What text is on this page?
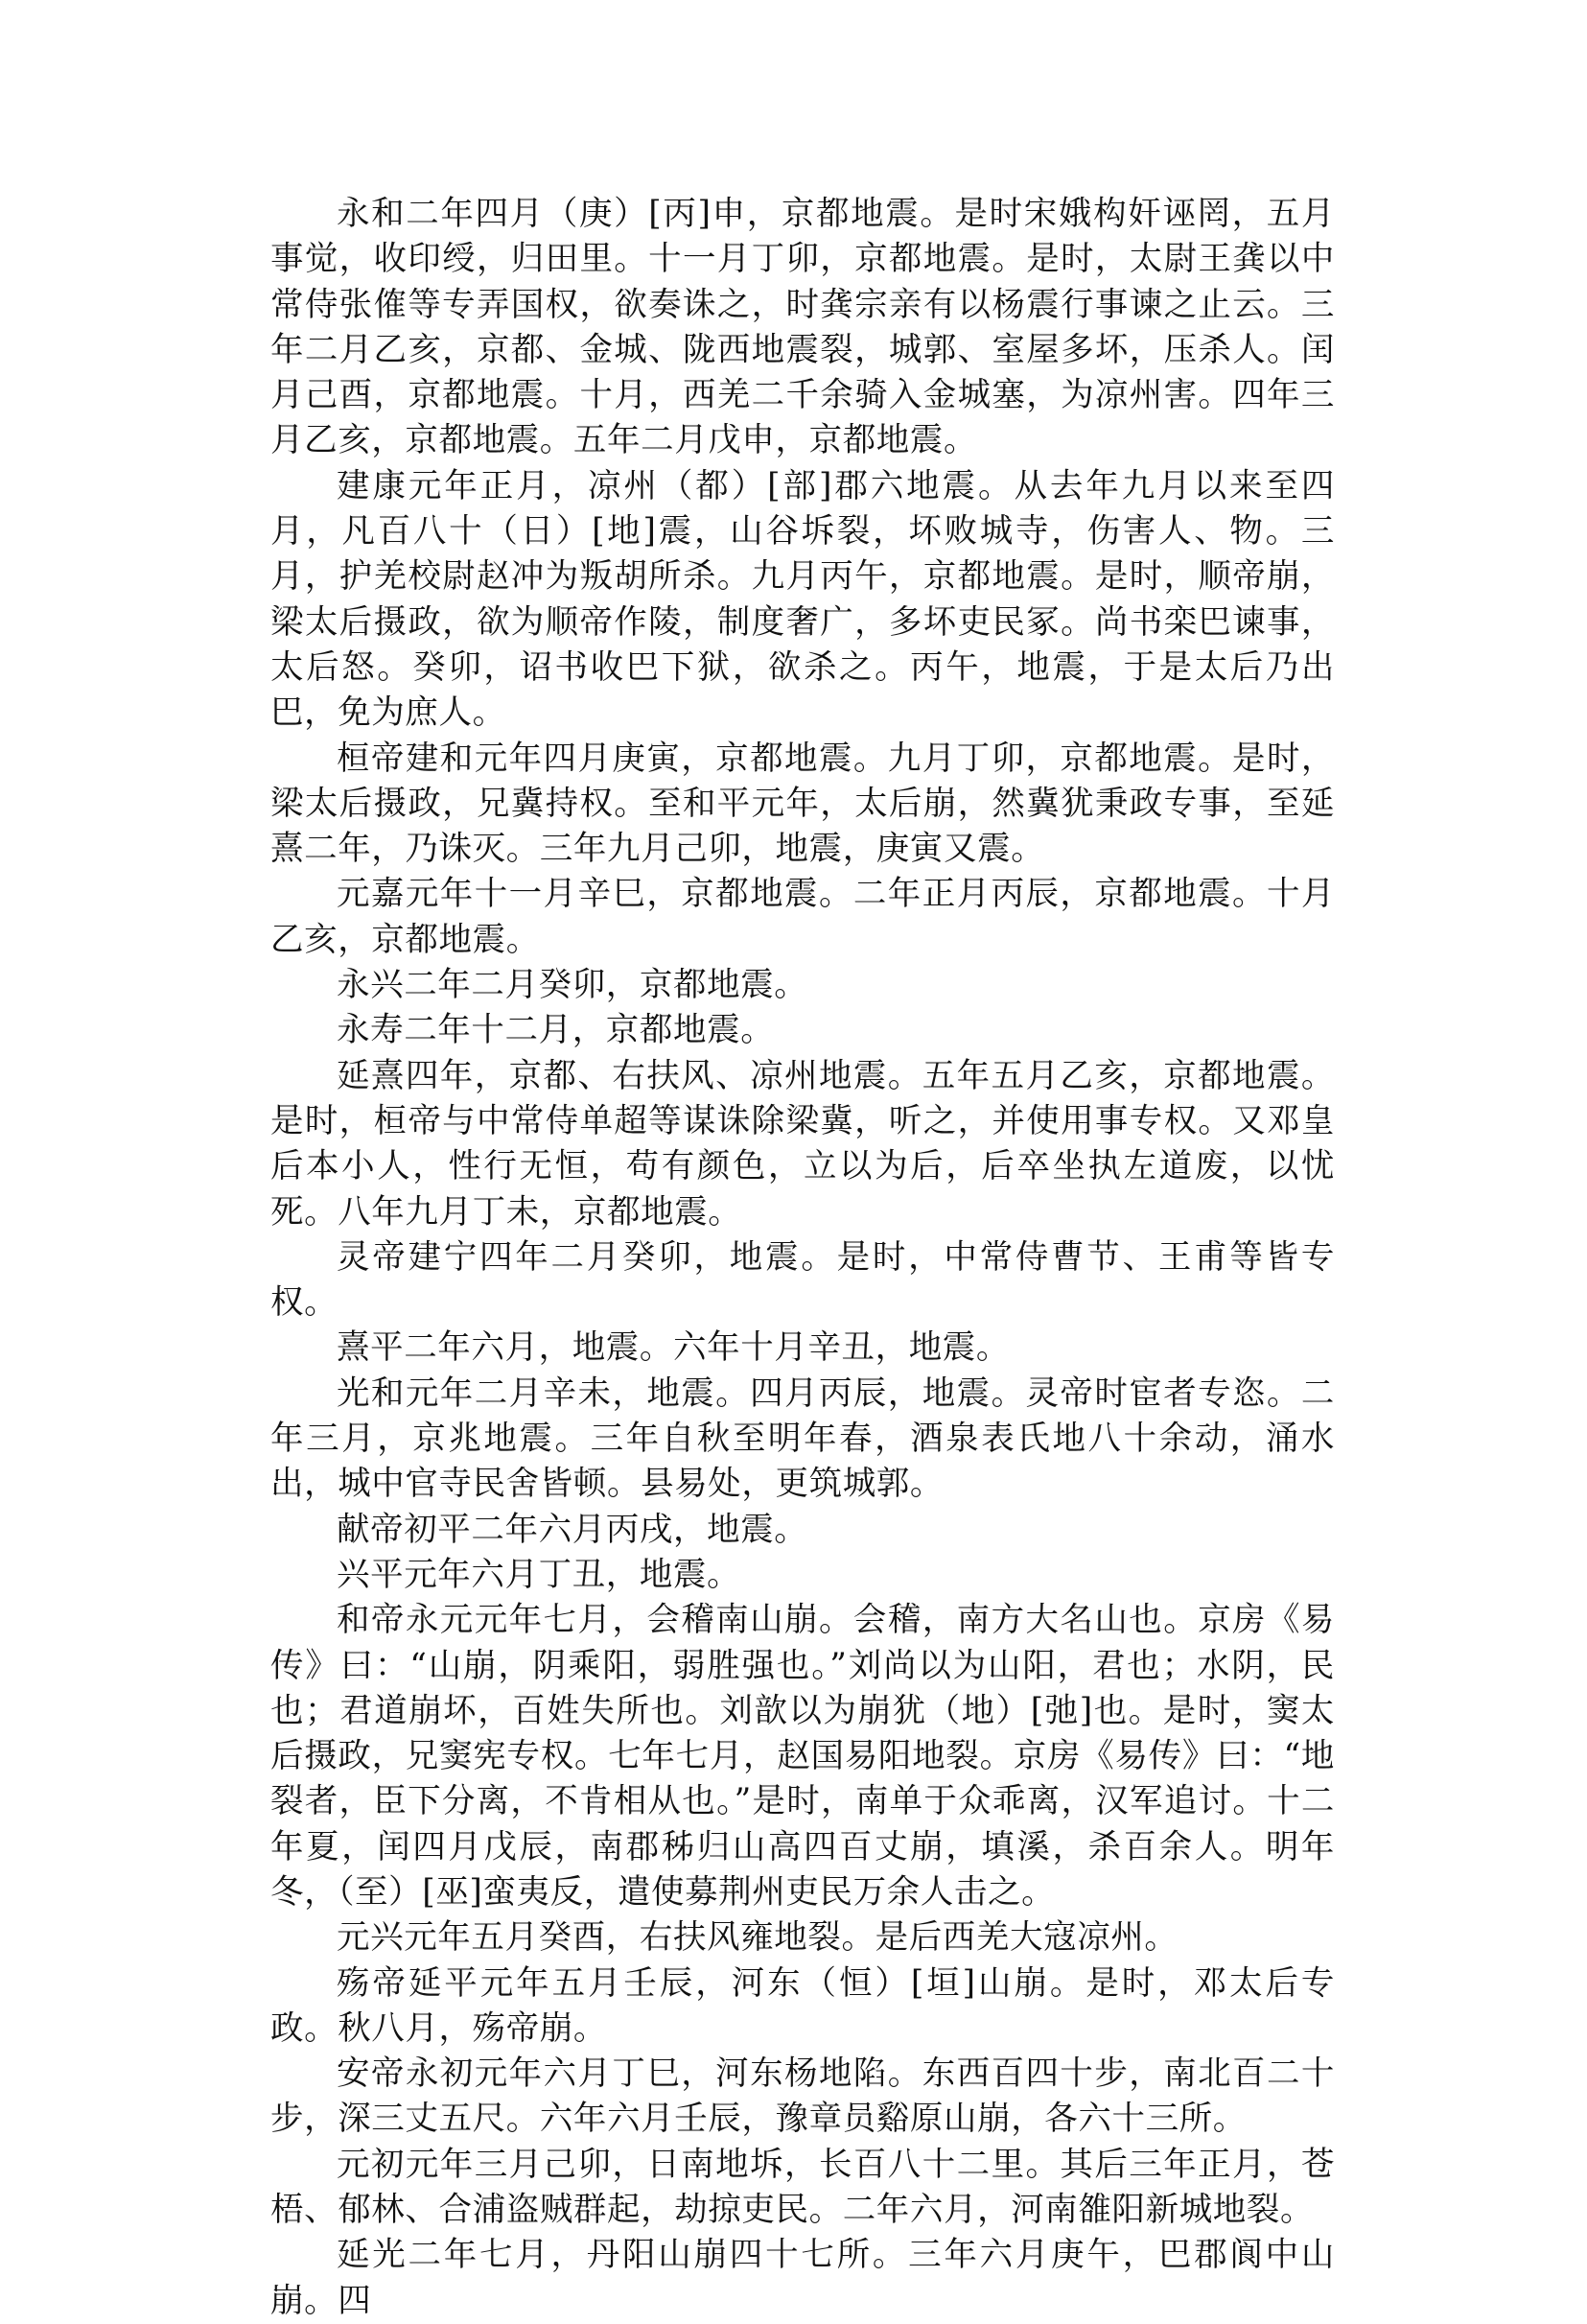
永和二年四月（庚）[丙]申，京都地震。是时宋娥构奸诬罔，五月事觉，收印绶，归田里。十一月丁卯，京都地震。是时，太尉王龚以中常侍张傕等专弄国权，欲奏诛之，时龚宗亲有以杨震行事谏之止云。三年二月乙亥，京都、金城、陇西地震裂，城郭、室屋多坏，压杀人。闰月己酉，京都地震。十月，西羌二千余骑入金城塞，为凉州害。四年三月乙亥，京都地震。五年二月戊申，京都地震。

建康元年正月，凉州（都）[部]郡六地震。从去年九月以来至四月，凡百八十（日）[地]震，山谷坼裂，坏败城寺，伤害人、物。三月，护羌校尉赵冲为叛胡所杀。九月丙午，京都地震。是时，顺帝崩，梁太后摄政，欲为顺帝作陵，制度奢广，多坏吏民冢。尚书栾巴谏事，太后怒。癸卯，诏书收巴下狱，欲杀之。丙午，地震，于是太后乃出巴，免为庶人。

桓帝建和元年四月庚寅，京都地震。九月丁卯，京都地震。是时，梁太后摄政，兄冀持权。至和平元年，太后崩，然冀犹秉政专事，至延熹二年，乃诛灭。三年九月己卯，地震，庚寅又震。

元嘉元年十一月辛巳，京都地震。二年正月丙辰，京都地震。十月乙亥，京都地震。

永兴二年二月癸卯，京都地震。

永寿二年十二月，京都地震。

延熹四年，京都、右扶风、凉州地震。五年五月乙亥，京都地震。是时，桓帝与中常侍单超等谋诛除梁冀，听之，并使用事专权。又邓皇后本小人，性行无恒，苟有颜色，立以为后，后卒坐执左道废，以忧死。八年九月丁未，京都地震。

灵帝建宁四年二月癸卯，地震。是时，中常侍曹节、王甫等皆专权。

熹平二年六月，地震。六年十月辛丑，地震。

光和元年二月辛未，地震。四月丙辰，地震。灵帝时宦者专恣。二年三月，京兆地震。三年自秋至明年春，酒泉表氏地八十余动，涌水出，城中官寺民舍皆顿。县易处，更筑城郭。

献帝初平二年六月丙戌，地震。

兴平元年六月丁丑，地震。

和帝永元元年七月，会稽南山崩。会稽，南方大名山也。京房《易传》曰：“山崩，阴乘阳，弱胜强也。”刘尚以为山阳，君也；水阴，民也；君道崩坏，百姓失所也。刘歆以为崩犹（地）[弛]也。是时，窦太后摄政，兄窦宪专权。七年七月，赵国易阳地裂。京房《易传》曰：“地裂者，臣下分离，不肯相从也。”是时，南单于众乖离，汉军追讨。十二年夏，闰四月戊辰，南郡秭归山高四百丈崩，填溪，杀百余人。明年冬，（至）[巫]蛮夷反，遣使募荆州吏民万余人击之。

元兴元年五月癸酉，右扶风雍地裂。是后西羌大寇凉州。

殇帝延平元年五月壬辰，河东（恒）[垣]山崩。是时，邓太后专政。秋八月，殇帝崩。

安帝永初元年六月丁巳，河东杨地陷。东西百四十步，南北百二十步，深三丈五尺。六年六月壬辰，豫章员谿原山崩，各六十三所。

元初元年三月己卯，日南地坼，长百八十二里。其后三年正月，苍梧、郁林、合浦盗贼群起，劫掠吏民。二年六月，河南雒阳新城地裂。

延光二年七月，丹阳山崩四十七所。三年六月庚午，巴郡阆中山崩。四
